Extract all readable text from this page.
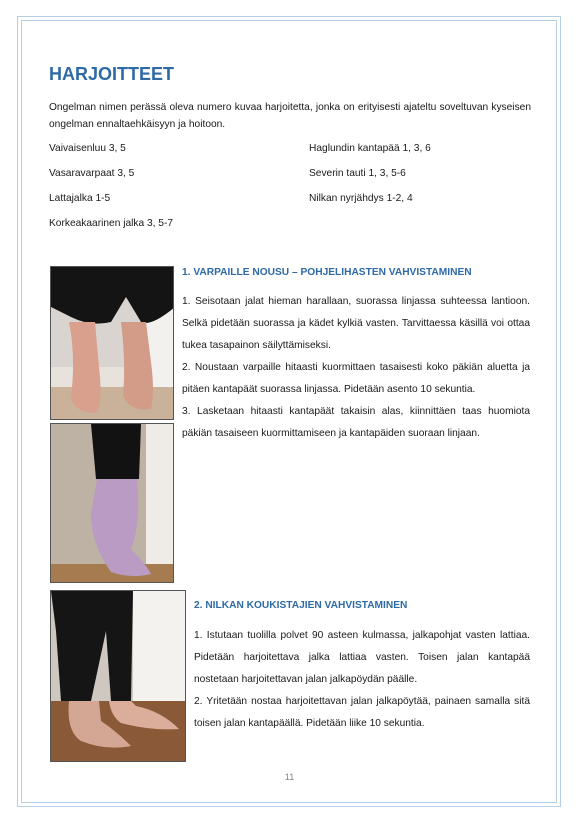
HARJOITTEET
Ongelman nimen perässä oleva numero kuvaa harjoitetta, jonka on erityisesti ajateltu soveltuvan kyseisen ongelman ennaltaehkäisyyn ja hoitoon.
Vaivaisenluu 3, 5
Vasaravarpaat 3, 5
Lattajalka 1-5
Korkeakaarinen jalka 3, 5-7
Haglundin kantapää 1, 3, 6
Severin tauti 1, 3, 5-6
Nilkan nyrjähdys 1-2, 4
1. VARPAILLE NOUSU – POHJELIHASTEN VAHVISTAMINEN

1. Seisotaan jalat hieman harallaan, suorassa linjassa suhteessa lantioon. Selkä pidetään suorassa ja kädet kylkiä vasten. Tarvittaessa käsillä voi ottaa tukea tasapainon säilyttämiseksi.

2. Noustaan varpaille hitaasti kuormittaen tasaisesti koko päkiän aluetta ja pitäen kantapäät suorassa linjassa. Pidetään asento 10 sekuntia.

3. Lasketaan hitaasti kantapäät takaisin alas, kiinnittäen taas huomiota päkiän tasaiseen kuormittamiseen ja kantapäiden suoraan linjaan.

2. NILKAN KOUKISTAJIEN VAHVISTAMINEN

1. Istutaan tuolilla polvet 90 asteen kulmassa, jalkapohjat vasten lattiaa. Pidetään harjoitettava jalka lattiaa vasten. Toisen jalan kantapää nostetaan harjoitettavan jalan jalkapöydän päälle.

2. Yritetään nostaa harjoitettavan jalan jalkapöytää, painaen samalla sitä toisen jalan kantapäällä. Pidetään liike 10 sekuntia.

11
